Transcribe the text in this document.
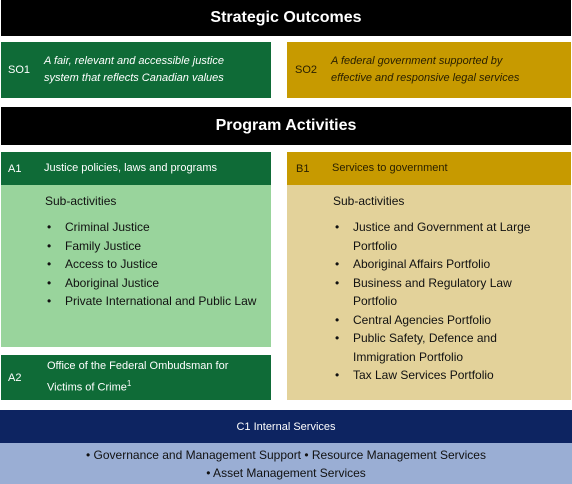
Strategic Outcomes
SO1
A fair, relevant and accessible justice system that reflects Canadian values
SO2
A federal government supported by effective and responsive legal services
Program Activities
A1	Justice policies, laws and programs
Sub-activities
• Criminal Justice
• Family Justice
• Access to Justice
• Aboriginal Justice
• Private International and Public Law
A2
Office of the Federal Ombudsman for Victims of Crime$^1$
B1	Services to government
Sub-activities
• Justice and Government at Large Portfolio
• Aboriginal Affairs Portfolio
• Business and Regulatory Law Portfolio
• Central Agencies Portfolio
• Public Safety, Defence and Immigration Portfolio
• Tax Law Services Portfolio
C1 Internal Services
• Governance and Management Support • Resource Management Services
• Asset Management Services
